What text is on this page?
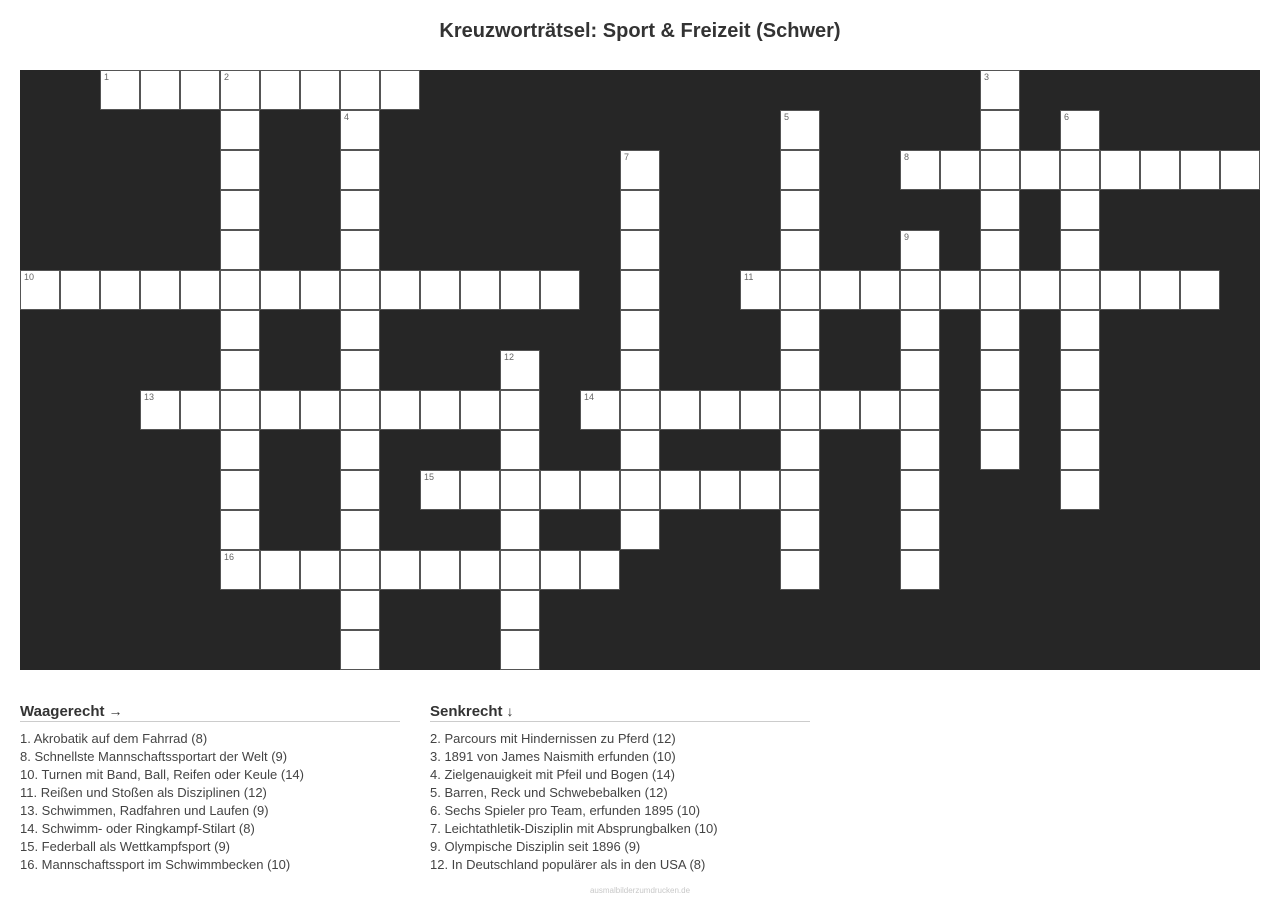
Kreuzworträtsel: Sport & Freizeit (Schwer)
1	2	3
4	5	6
7	8
9
10	11
12
13	14
15
16
Waagerecht →
1. Akrobatik auf dem Fahrrad (8)
8. Schnellste Mannschaftssportart der Welt (9)
10. Turnen mit Band, Ball, Reifen oder Keule (14)
11. Reißen und Stoßen als Disziplinen (12)
13. Schwimmen, Radfahren und Laufen (9)
14. Schwimm- oder Ringkampf-Stilart (8)
15. Federball als Wettkampfsport (9)
16. Mannschaftssport im Schwimmbecken (10)
Senkrecht ↓
2. Parcours mit Hindernissen zu Pferd (12)
3. 1891 von James Naismith erfunden (10)
4. Zielgenauigkeit mit Pfeil und Bogen (14)
5. Barren, Reck und Schwebebalken (12)
6. Sechs Spieler pro Team, erfunden 1895 (10)
7. Leichtathletik-Disziplin mit Absprungbalken (10)
9. Olympische Disziplin seit 1896 (9)
12. In Deutschland populärer als in den USA (8)
ausmalbilderzumdrucken.de
